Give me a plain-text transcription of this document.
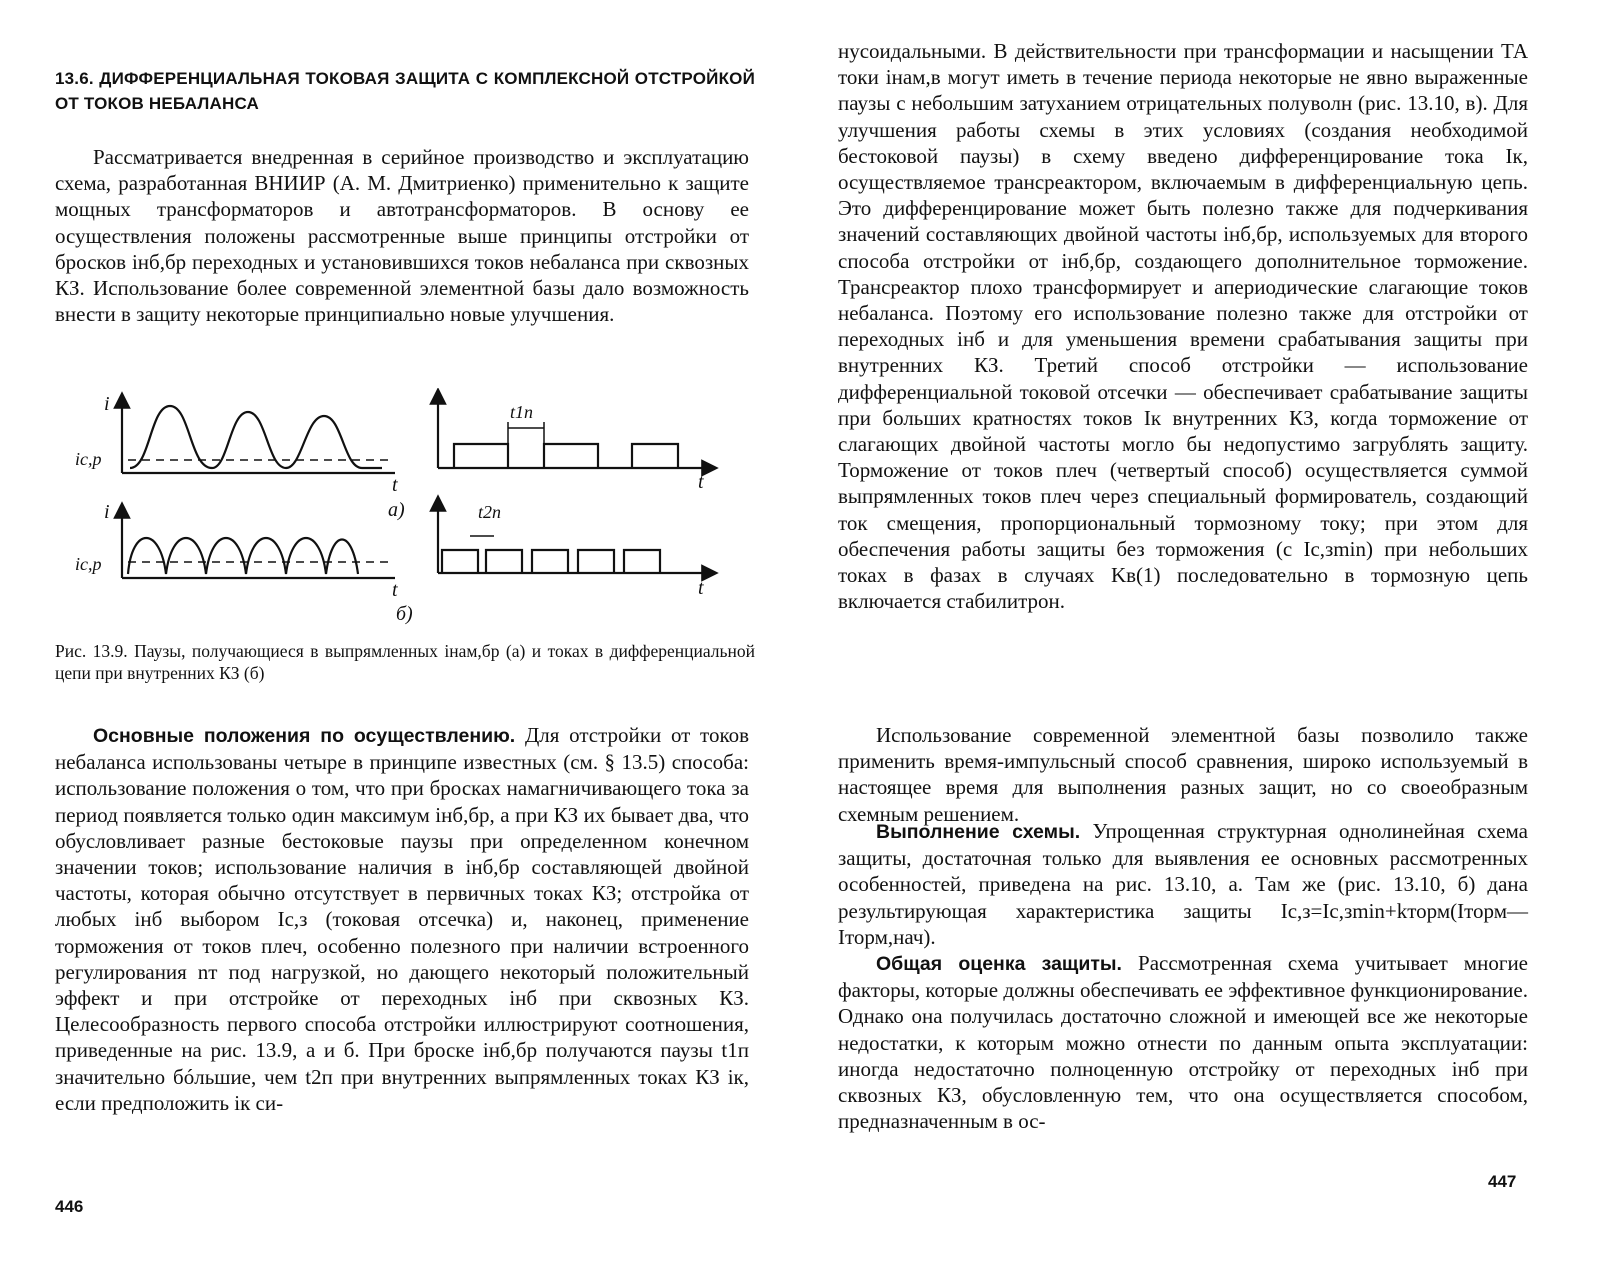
13.6. ДИФФЕРЕНЦИАЛЬНАЯ ТОКОВАЯ ЗАЩИТА С КОМПЛЕКСНОЙ ОТСТРОЙКОЙ ОТ ТОКОВ НЕБАЛАНСА
Рассматривается внедренная в серийное производство и эксплуатацию схема, разработанная ВНИИР (А. М. Дмитриенко) применительно к защите мощных трансформаторов и автотрансформаторов. В основу ее осуществления положены рассмотренные выше принципы отстройки от бросков iнб,бр переходных и установившихся токов небаланса при сквозных КЗ. Использование более современной элементной базы дало возможность внести в защиту некоторые принципиально новые улучшения.
i
iс,р
t
а)
t1п
t
i
iс,р
t
б)
t2п
t
Рис. 13.9. Паузы, получающиеся в выпрямленных iнам,бр (а) и токах в дифференциальной цепи при внутренних КЗ (б)
Основные положения по осуществлению. Для отстройки от токов небаланса использованы четыре в принципе известных (см. § 13.5) способа: использование положения о том, что при бросках намагничивающего тока за период появляется только один максимум iнб,бр, а при КЗ их бывает два, что обусловливает разные бестоковые паузы при определенном конечном значении токов; использование наличия в iнб,бр составляющей двойной частоты, которая обычно отсутствует в первичных токах КЗ; отстройка от любых iнб выбором Iс,з (токовая отсечка) и, наконец, применение торможения от токов плеч, особенно полезного при наличии встроенного регулирования nт под нагрузкой, но дающего некоторый положительный эффект и при отстройке от переходных iнб при сквозных КЗ. Целесообразность первого способа отстройки иллюстрируют соотношения, приведенные на рис. 13.9, а и б. При броске iнб,бр получаются паузы t1п значительно бóльшие, чем t2п при внутренних выпрямленных токах КЗ iк, если предположить iк си-
446
нусоидальными. В действительности при трансформации и насыщении ТА токи iнам,в могут иметь в течение периода некоторые не явно выраженные паузы с небольшим затуханием отрицательных полуволн (рис. 13.10, в). Для улучшения работы схемы в этих условиях (создания необходимой бестоковой паузы) в схему введено дифференцирование тока Iк, осуществляемое трансреактором, включаемым в дифференциальную цепь. Это дифференцирование может быть полезно также для подчеркивания значений составляющих двойной частоты iнб,бр, используемых для второго способа отстройки от iнб,бр, создающего дополнительное торможение. Трансреактор плохо трансформирует и апериодические слагающие токов небаланса. Поэтому его использование полезно также для отстройки от переходных iнб и для уменьшения времени срабатывания защиты при внутренних КЗ. Третий способ отстройки — использование дифференциальной токовой отсечки — обеспечивает срабатывание защиты при больших кратностях токов Iк внутренних КЗ, когда торможение от слагающих двойной частоты могло бы недопустимо загрублять защиту. Торможение от токов плеч (четвертый способ) осуществляется суммой выпрямленных токов плеч через специальный формирователь, создающий ток смещения, пропорциональный тормозному току; при этом для обеспечения работы защиты без торможения (с Iс,зmin) при небольших токах в фазах в случаях Kв(1) последовательно в тормозную цепь включается стабилитрон.
Использование современной элементной базы позволило также применить время-импульсный способ сравнения, широко используемый в настоящее время для выполнения разных защит, но со своеобразным схемным решением.
Выполнение схемы. Упрощенная структурная однолинейная схема защиты, достаточная только для выявления ее основных рассмотренных особенностей, приведена на рис. 13.10, а. Там же (рис. 13.10, б) дана результирующая характеристика защиты Iс,з=Iс,зmin+kторм(Iторм—Iторм,нач).
Общая оценка защиты. Рассмотренная схема учитывает многие факторы, которые должны обеспечивать ее эффективное функционирование. Однако она получилась достаточно сложной и имеющей все же некоторые недостатки, к которым можно отнести по данным опыта эксплуатации: иногда недостаточно полноценную отстройку от переходных iнб при сквозных КЗ, обусловленную тем, что она осуществляется способом, предназначенным в ос-
447
